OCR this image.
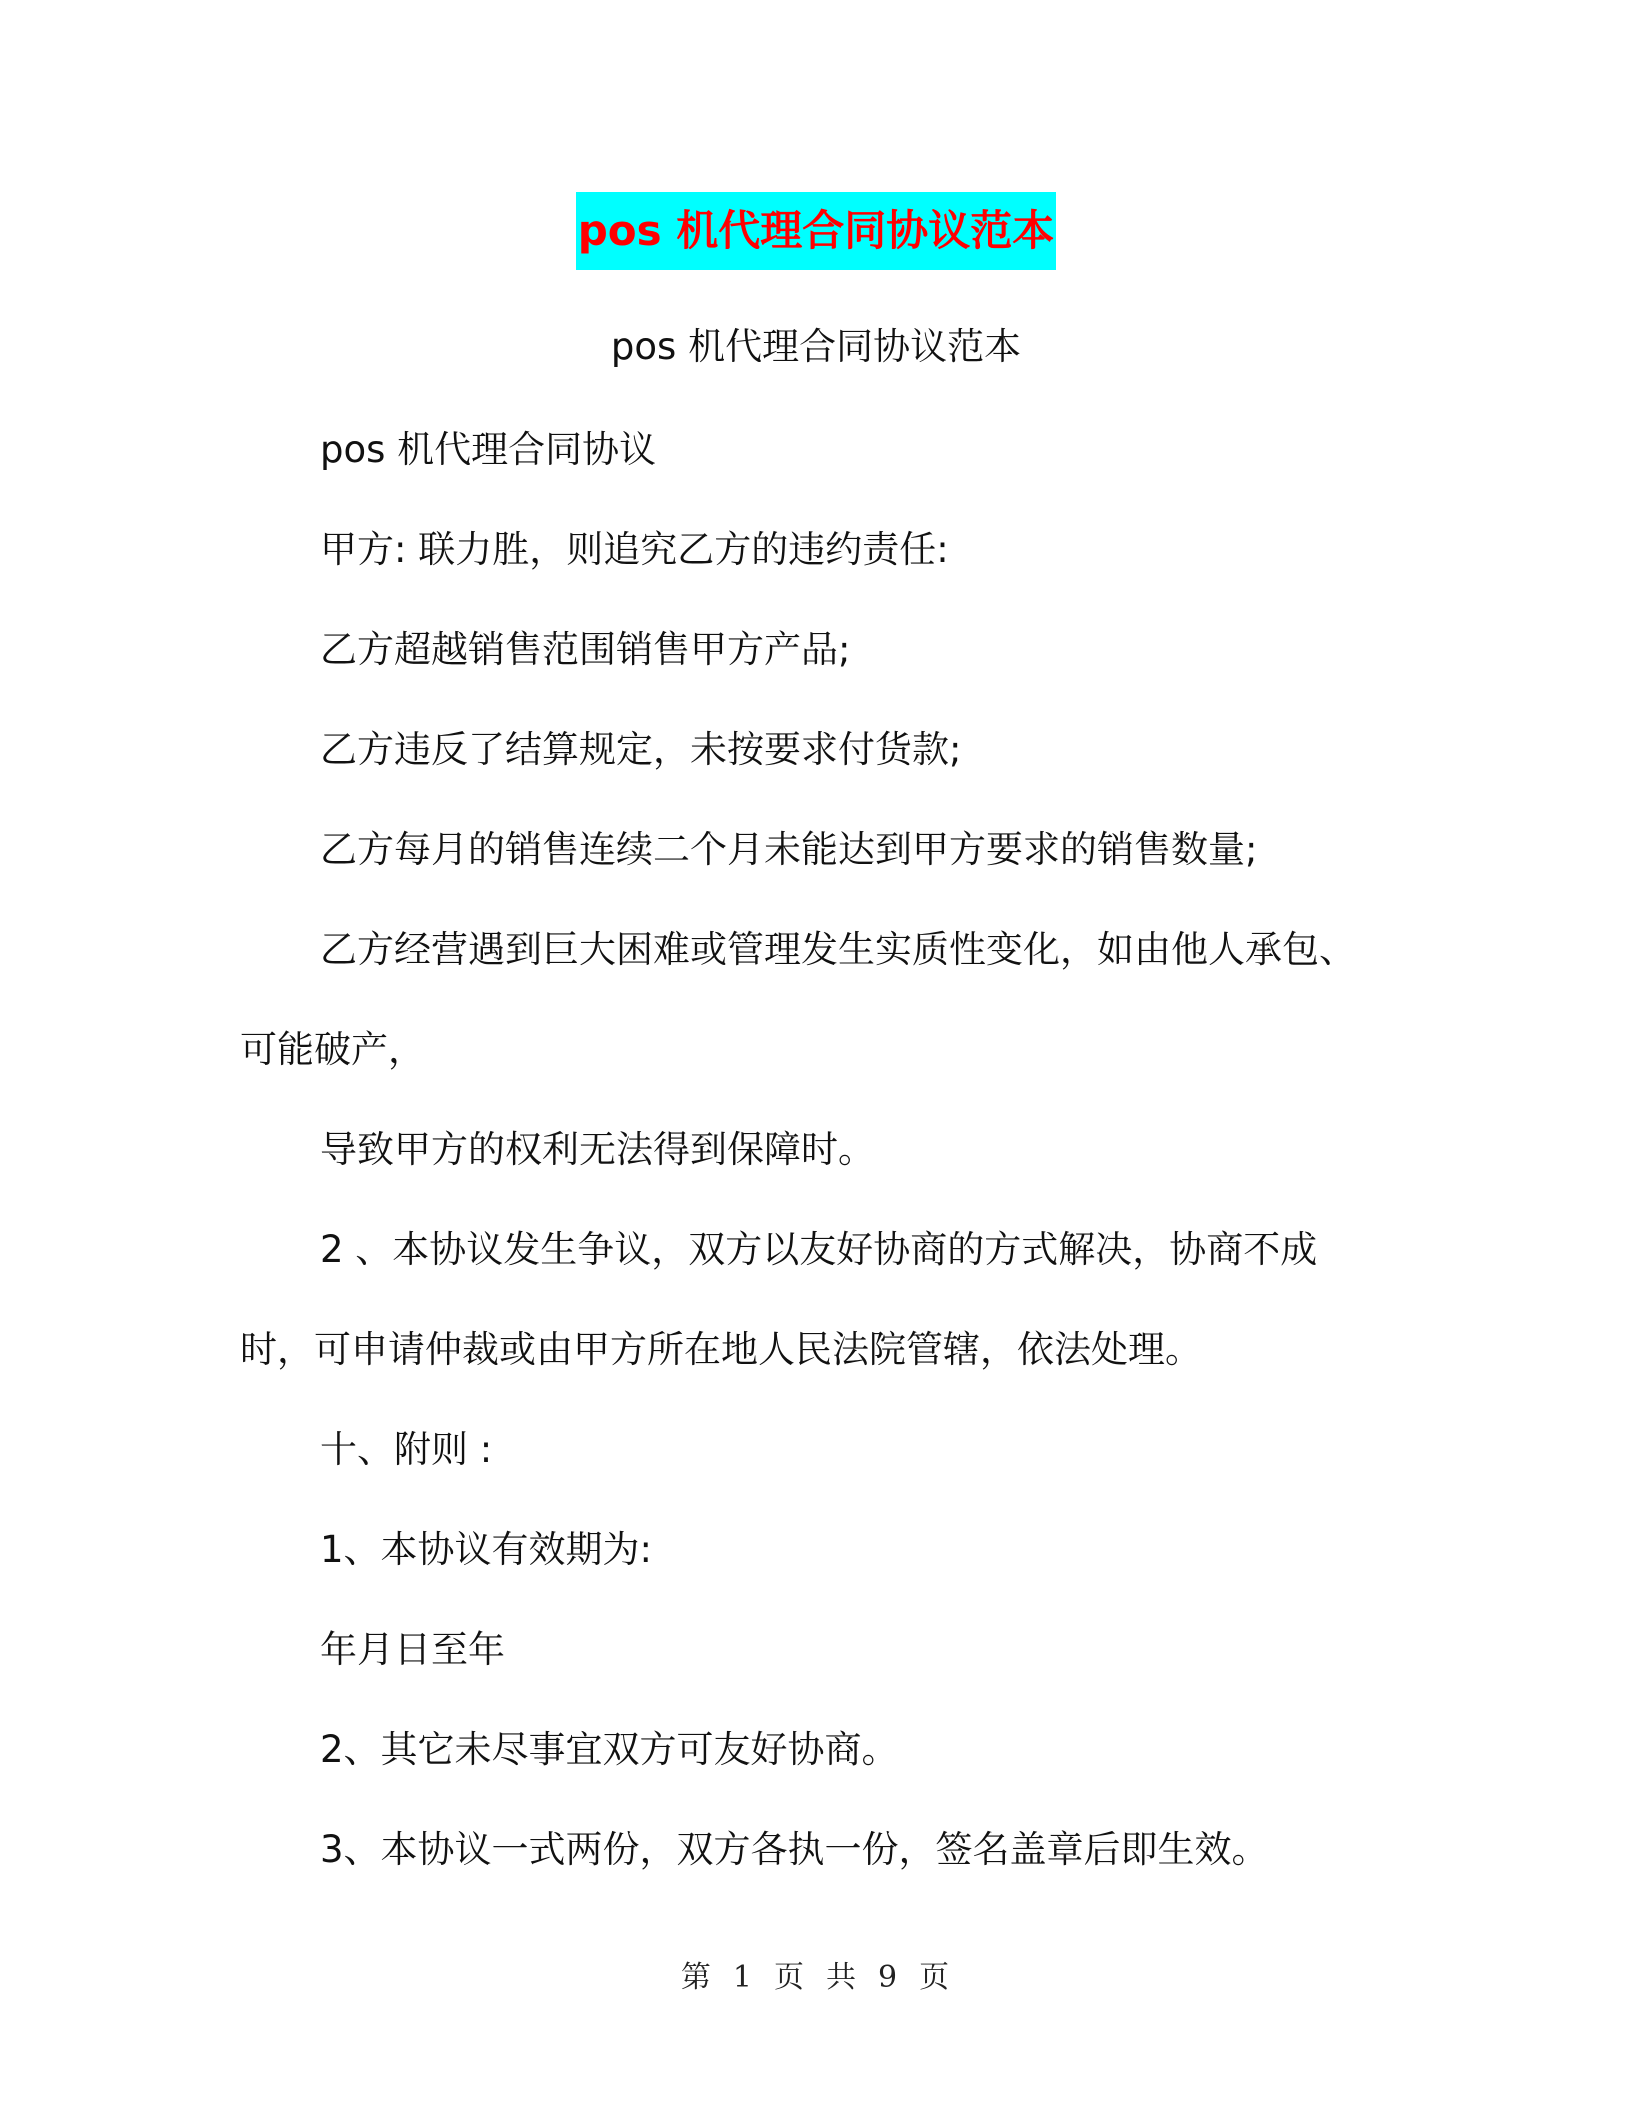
pos 机代理合同协议范本
pos 机代理合同协议范本
pos 机代理合同协议
甲方: 联力胜，则追究乙方的违约责任:
乙方超越销售范围销售甲方产品;
乙方违反了结算规定，未按要求付货款;
乙方每月的销售连续二个月未能达到甲方要求的销售数量;
乙方经营遇到巨大困难或管理发生实质性变化，如由他人承包、
可能破产，
导致甲方的权利无法得到保障时。
2 、本协议发生争议，双方以友好协商的方式解决，协商不成
时，可申请仲裁或由甲方所在地人民法院管辖，依法处理。
十、附则 :
1、本协议有效期为:
年月日至年
2、其它未尽事宜双方可友好协商。
3、本协议一式两份，双方各执一份，签名盖章后即生效。
第 1 页 共 9 页
